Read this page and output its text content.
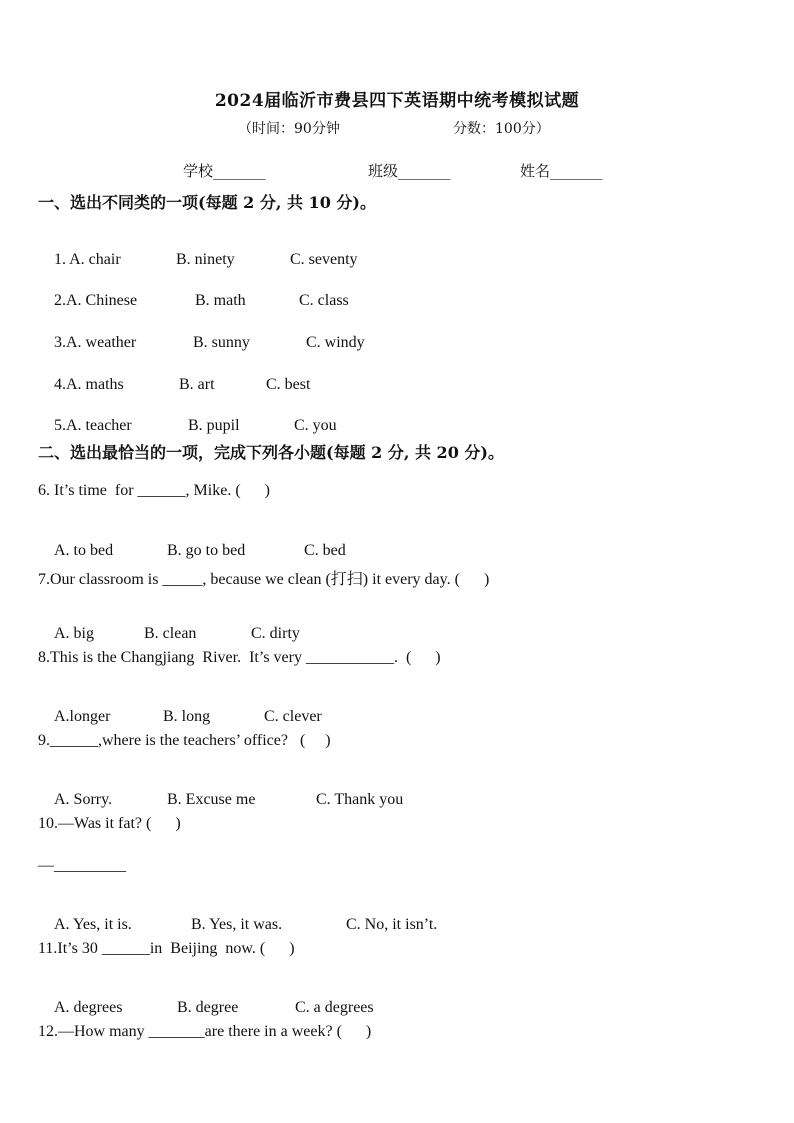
2024届临沂市费县四下英语期中统考模拟试题
（时间：90分钟	分数：100分）
学校_______	班级_______	姓名_______
一、选出不同类的一项(每题 2 分, 共 10 分)。

1. A. chair	B. ninety	C. seventy

2.A. Chinese	B. math	C. class

3.A. weather	B. sunny	C. windy

4.A. maths	B. art	C. best

5.A. teacher	B. pupil	C. you

二、选出最恰当的一项，完成下列各小题(每题 2 分, 共 20 分)。
6. It’s time  for ______, Mike. (      )

A. to bed	B. go to bed	C. bed

7.Our classroom is _____, because we clean (打扫) it every day. (      )

A. big	B. clean	C. dirty

8.This is the Changjiang  River.  It’s very ___________.  (      )

A.longer	B. long	C. clever

9.______,where is the teachers’ office?   (     )

A. Sorry.	B. Excuse me	C. Thank you

10.—Was it fat? (      )
—_________

A. Yes, it is.	B. Yes, it was.	C. No, it isn’t.

11.It’s 30 ______in  Beijing  now. (      )

A. degrees	B. degree	C. a degrees

12.—How many _______are there in a week? (      )
